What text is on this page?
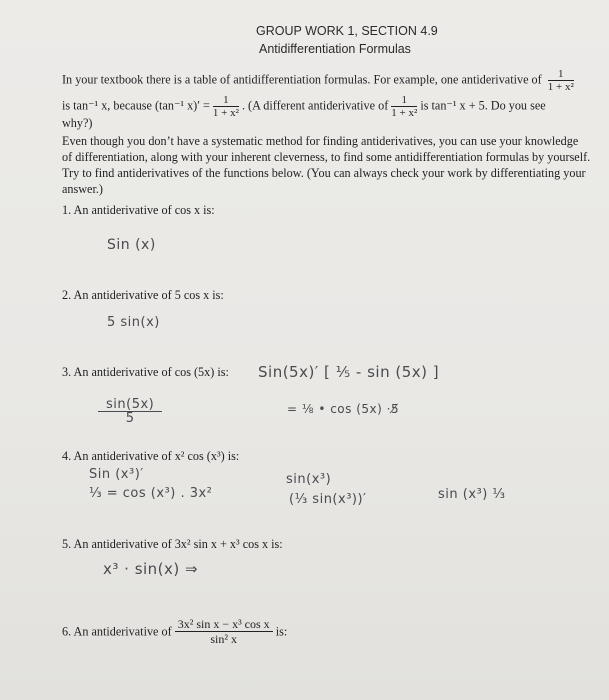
GROUP WORK 1, SECTION 4.9
Antidifferentiation Formulas
In your textbook there is a table of antidifferentiation formulas. For example, one antiderivative of $\frac{1}{\text{1 + x²}}$
is tan⁻¹ x, because (tan⁻¹ $x)' = \frac{1}{\text{1 + x²}}$ . (A different antiderivative of $\frac{1}{\text{1 + x²}}$ is tan⁻¹ x + 5. Do you see
why?)
Even though you don’t have a systematic method for finding antiderivatives, you can use your knowledge
of differentiation, along with your inherent cleverness, to find some antidifferentiation formulas by yourself.
Try to find antiderivatives of the functions below. (You can always check your work by differentiating your
answer.)
1. An antiderivative of cos x is:
Sin (x)
2. An antiderivative of 5 cos x is:
5 sin(x)
3. An antiderivative of cos (5x) is: Sin(5x)′ [ ⅕ - sin (5x) ]
$\frac{\sin(5x)}{5}$	= ⅛ • cos (5x) ·5̸
4. An antiderivative of x² cos (x³) is:
Sin (x³)′
⅓ = cos (x³) . 3x²
sin(x³)
(⅓ sin(x³))′	sin (x³) ⅓
5. An antiderivative of 3x² sin x + x³ cos x is:
x³ · sin(x) ⇒
6. An antiderivative of $\frac{\text{3x² sin x − x³ cos x}}{\text{sin² x}}$ is:
